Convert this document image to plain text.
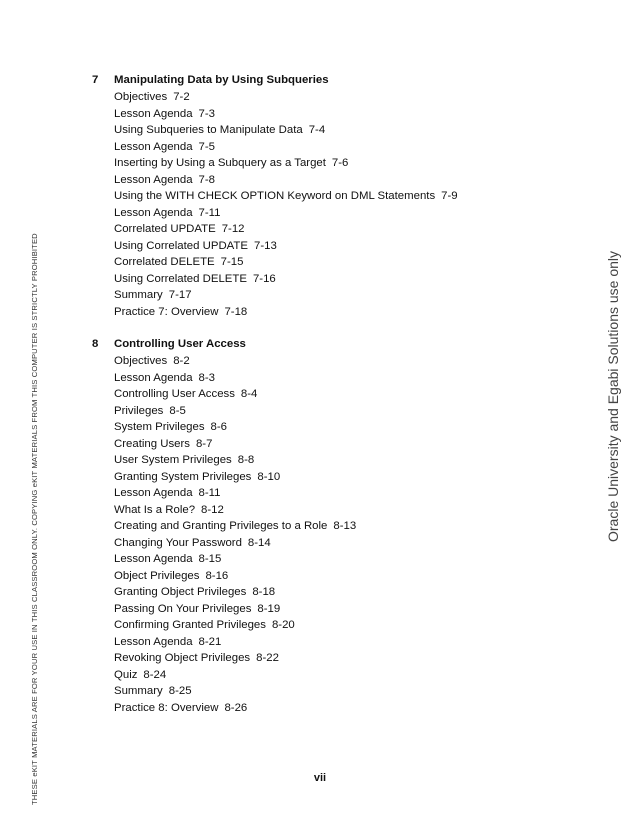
THESE eKIT MATERIALS ARE FOR YOUR USE IN THIS CLASSROOM ONLY. COPYING eKIT MATERIALS FROM THIS COMPUTER IS STRICTLY PROHIBITED	Oracle University and Egabi Solutions use only
7	Manipulating Data by Using Subqueries
Objectives 7-2
Lesson Agenda 7-3
Using Subqueries to Manipulate Data 7-4
Lesson Agenda 7-5
Inserting by Using a Subquery as a Target 7-6
Lesson Agenda 7-8
Using the WITH CHECK OPTION Keyword on DML Statements 7-9
Lesson Agenda 7-11
Correlated UPDATE 7-12
Using Correlated UPDATE 7-13
Correlated DELETE 7-15
Using Correlated DELETE 7-16
Summary 7-17
Practice 7: Overview 7-18
8	Controlling User Access
Objectives 8-2
Lesson Agenda 8-3
Controlling User Access 8-4
Privileges 8-5
System Privileges 8-6
Creating Users 8-7
User System Privileges 8-8
Granting System Privileges 8-10
Lesson Agenda 8-11
What Is a Role? 8-12
Creating and Granting Privileges to a Role 8-13
Changing Your Password 8-14
Lesson Agenda 8-15
Object Privileges 8-16
Granting Object Privileges 8-18
Passing On Your Privileges 8-19
Confirming Granted Privileges 8-20
Lesson Agenda 8-21
Revoking Object Privileges 8-22
Quiz 8-24
Summary 8-25
Practice 8: Overview 8-26
vii
